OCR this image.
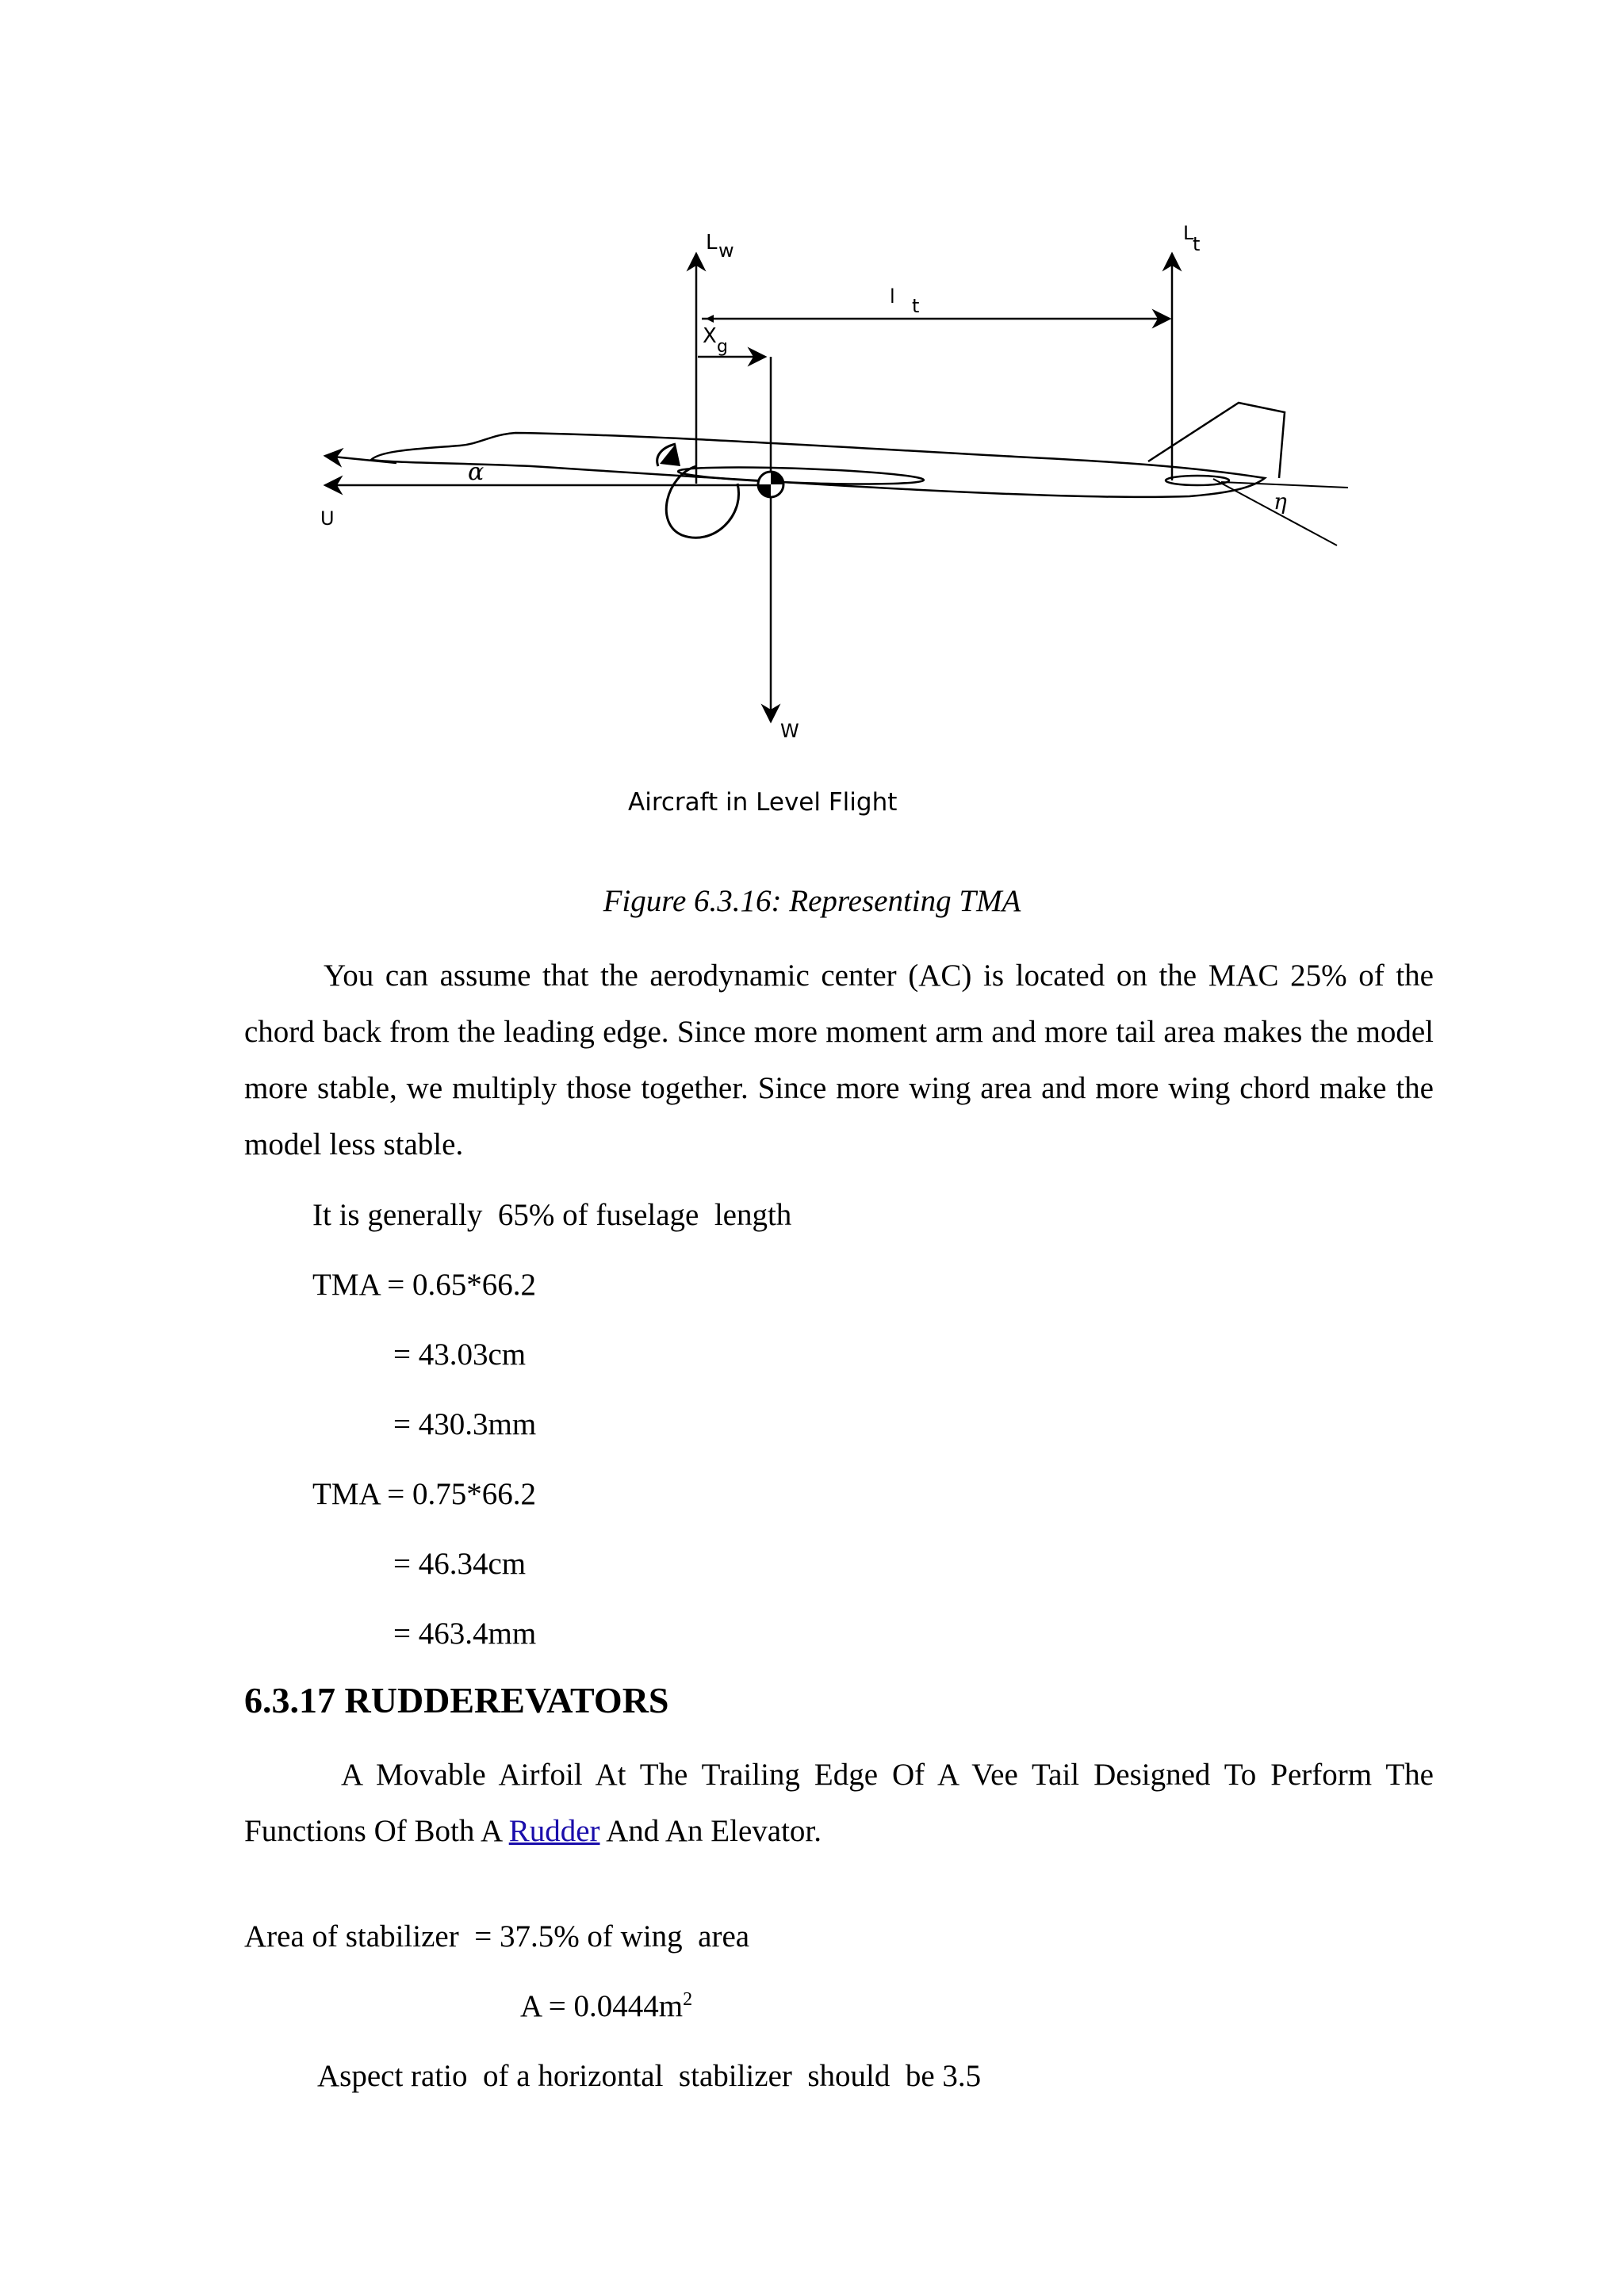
L w
L
t
l t
X g
α
U
W
η
Aircraft in Level Flight
Figure 6.3.16: Representing TMA
You can assume that the aerodynamic center (AC) is located on the MAC 25% of the chord back from the leading edge. Since more moment arm and more tail area makes the model more stable, we multiply those together. Since more wing area and more wing chord make the model less stable.
It is generally  65% of fuselage  length
TMA = 0.65*66.2
= 43.03cm
= 430.3mm
TMA = 0.75*66.2
= 46.34cm
= 463.4mm
6.3.17 RUDDEREVATORS
A Movable Airfoil At The Trailing Edge Of A Vee Tail Designed To Perform The Functions Of Both A Rudder And An Elevator.
Area of stabilizer  = 37.5% of wing  area
$A = 0.0444m^2$
Aspect ratio  of a horizontal  stabilizer  should  be 3.5
